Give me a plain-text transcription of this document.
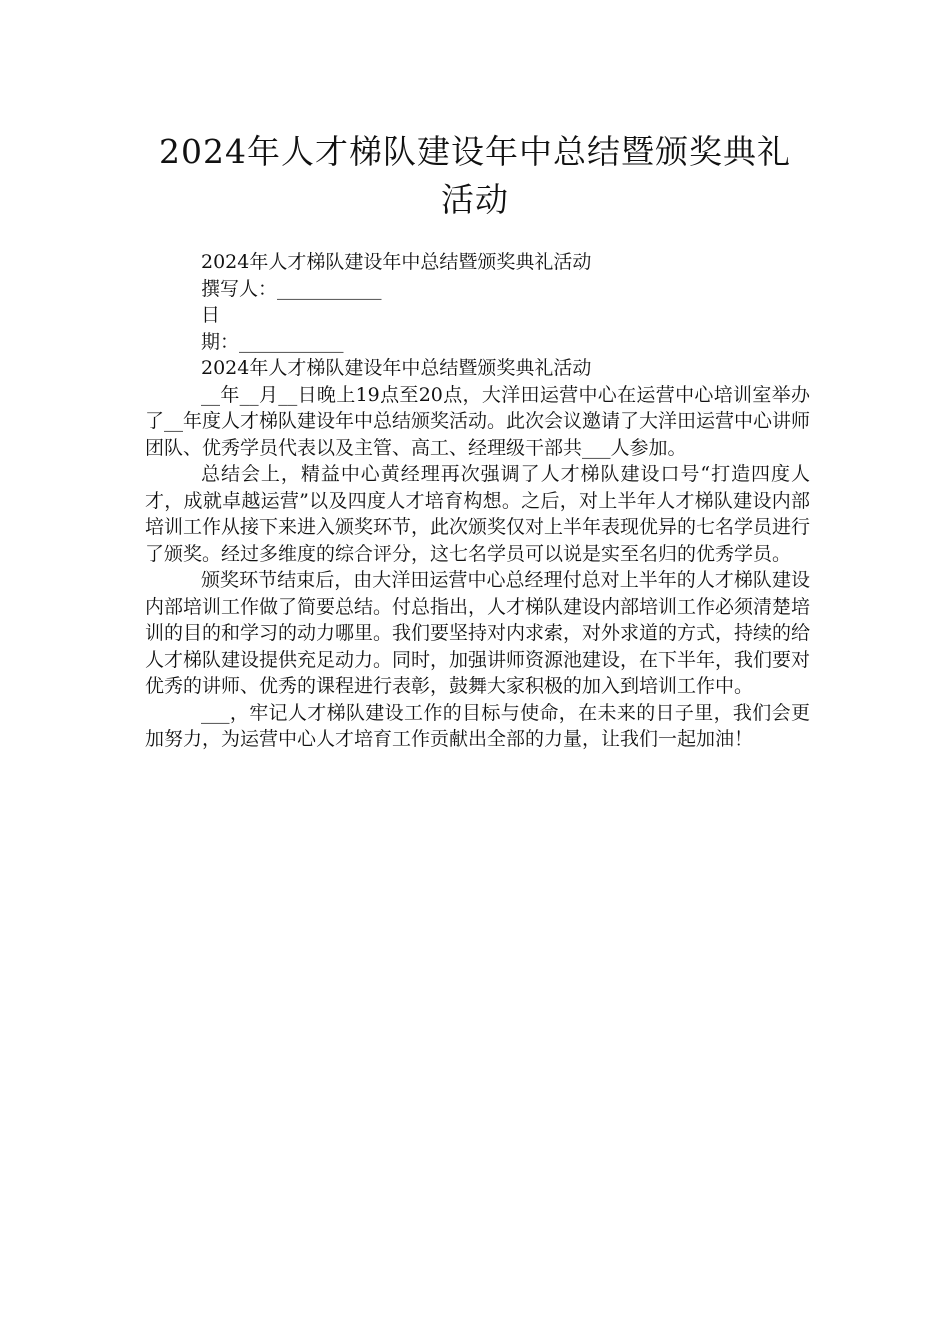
2024年人才梯队建设年中总结暨颁奖典礼
活动

2024年人才梯队建设年中总结暨颁奖典礼活动

撰写人：___________

日

期：___________

2024年人才梯队建设年中总结暨颁奖典礼活动

__年__月__日晚上19点至20点，大洋田运营中心在运营中心培训室举办了__年度人才梯队建设年中总结颁奖活动。此次会议邀请了大洋田运营中心讲师团队、优秀学员代表以及主管、高工、经理级干部共___人参加。

总结会上，精益中心黄经理再次强调了人才梯队建设口号“打造四度人才，成就卓越运营”以及四度人才培育构想。之后，对上半年人才梯队建设内部培训工作从接下来进入颁奖环节，此次颁奖仅对上半年表现优异的七名学员进行了颁奖。经过多维度的综合评分，这七名学员可以说是实至名归的优秀学员。

颁奖环节结束后，由大洋田运营中心总经理付总对上半年的人才梯队建设内部培训工作做了简要总结。付总指出，人才梯队建设内部培训工作必须清楚培训的目的和学习的动力哪里。我们要坚持对内求索，对外求道的方式，持续的给人才梯队建设提供充足动力。同时，加强讲师资源池建设，在下半年，我们要对优秀的讲师、优秀的课程进行表彰，鼓舞大家积极的加入到培训工作中。

___，牢记人才梯队建设工作的目标与使命，在未来的日子里，我们会更加努力，为运营中心人才培育工作贡献出全部的力量，让我们一起加油！
